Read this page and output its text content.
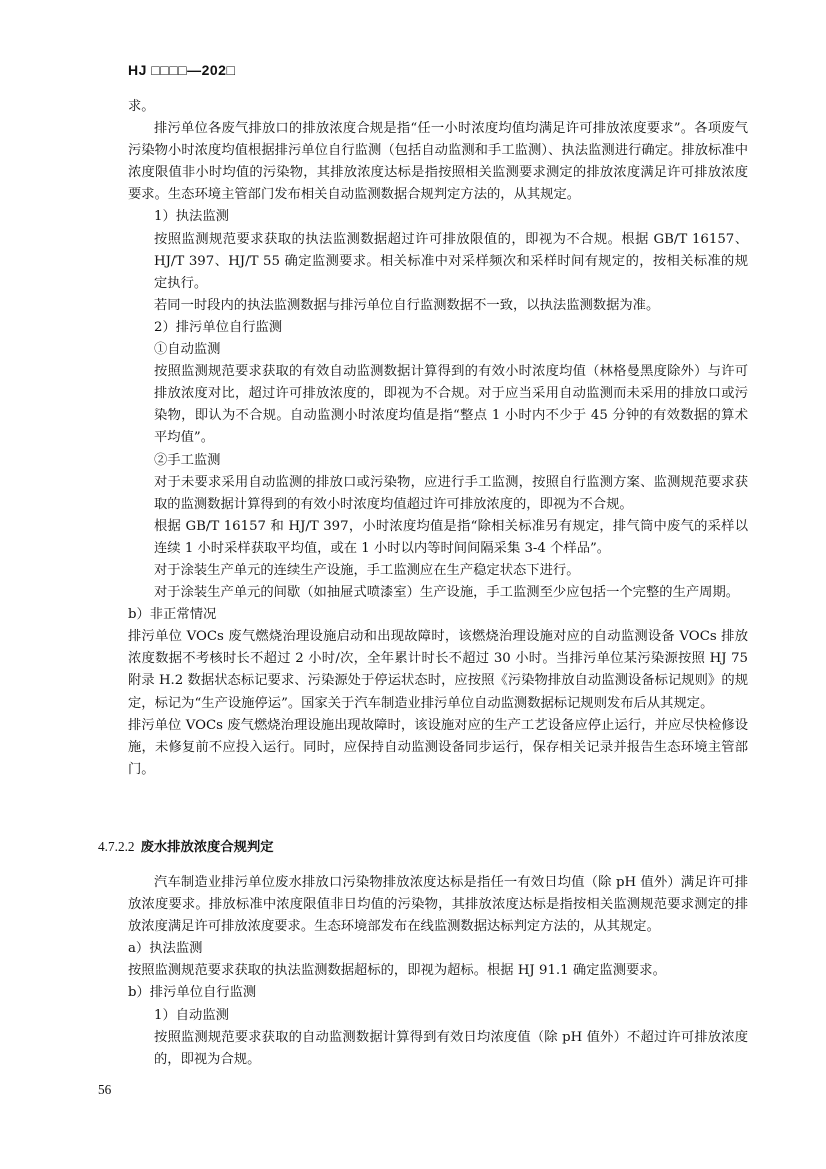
HJ □□□□—202□

求。

排污单位各废气排放口的排放浓度合规是指“任一小时浓度均值均满足许可排放浓度要求”。各项废气污染物小时浓度均值根据排污单位自行监测（包括自动监测和手工监测）、执法监测进行确定。排放标准中浓度限值非小时均值的污染物，其排放浓度达标是指按照相关监测要求测定的排放浓度满足许可排放浓度要求。生态环境主管部门发布相关自动监测数据合规判定方法的，从其规定。

1）执法监测

按照监测规范要求获取的执法监测数据超过许可排放限值的，即视为不合规。根据 GB/T 16157、HJ/T 397、HJ/T 55 确定监测要求。相关标准中对采样频次和采样时间有规定的，按相关标准的规定执行。

若同一时段内的执法监测数据与排污单位自行监测数据不一致，以执法监测数据为准。

2）排污单位自行监测

①自动监测

按照监测规范要求获取的有效自动监测数据计算得到的有效小时浓度均值（林格曼黑度除外）与许可排放浓度对比，超过许可排放浓度的，即视为不合规。对于应当采用自动监测而未采用的排放口或污染物，即认为不合规。自动监测小时浓度均值是指“整点 1 小时内不少于 45 分钟的有效数据的算术平均值”。

②手工监测

对于未要求采用自动监测的排放口或污染物，应进行手工监测，按照自行监测方案、监测规范要求获取的监测数据计算得到的有效小时浓度均值超过许可排放浓度的，即视为不合规。

根据 GB/T 16157 和 HJ/T 397，小时浓度均值是指“除相关标准另有规定，排气筒中废气的采样以连续 1 小时采样获取平均值，或在 1 小时以内等时间间隔采集 3-4 个样品”。

对于涂装生产单元的连续生产设施，手工监测应在生产稳定状态下进行。

对于涂装生产单元的间歇（如抽屉式喷漆室）生产设施，手工监测至少应包括一个完整的生产周期。

b）非正常情况

排污单位 VOCs 废气燃烧治理设施启动和出现故障时，该燃烧治理设施对应的自动监测设备 VOCs 排放浓度数据不考核时长不超过 2 小时/次，全年累计时长不超过 30 小时。当排污单位某污染源按照 HJ 75 附录 H.2 数据状态标记要求、污染源处于停运状态时，应按照《污染物排放自动监测设备标记规则》的规定，标记为“生产设施停运”。国家关于汽车制造业排污单位自动监测数据标记规则发布后从其规定。

排污单位 VOCs 废气燃烧治理设施出现故障时，该设施对应的生产工艺设备应停止运行，并应尽快检修设施，未修复前不应投入运行。同时，应保持自动监测设备同步运行，保存相关记录并报告生态环境主管部门。

4.7.2.2 废水排放浓度合规判定

汽车制造业排污单位废水排放口污染物排放浓度达标是指任一有效日均值（除 pH 值外）满足许可排放浓度要求。排放标准中浓度限值非日均值的污染物，其排放浓度达标是指按相关监测规范要求测定的排放浓度满足许可排放浓度要求。生态环境部发布在线监测数据达标判定方法的，从其规定。

a）执法监测

按照监测规范要求获取的执法监测数据超标的，即视为超标。根据 HJ 91.1 确定监测要求。

b）排污单位自行监测

1）自动监测

按照监测规范要求获取的自动监测数据计算得到有效日均浓度值（除 pH 值外）不超过许可排放浓度的，即视为合规。

56
